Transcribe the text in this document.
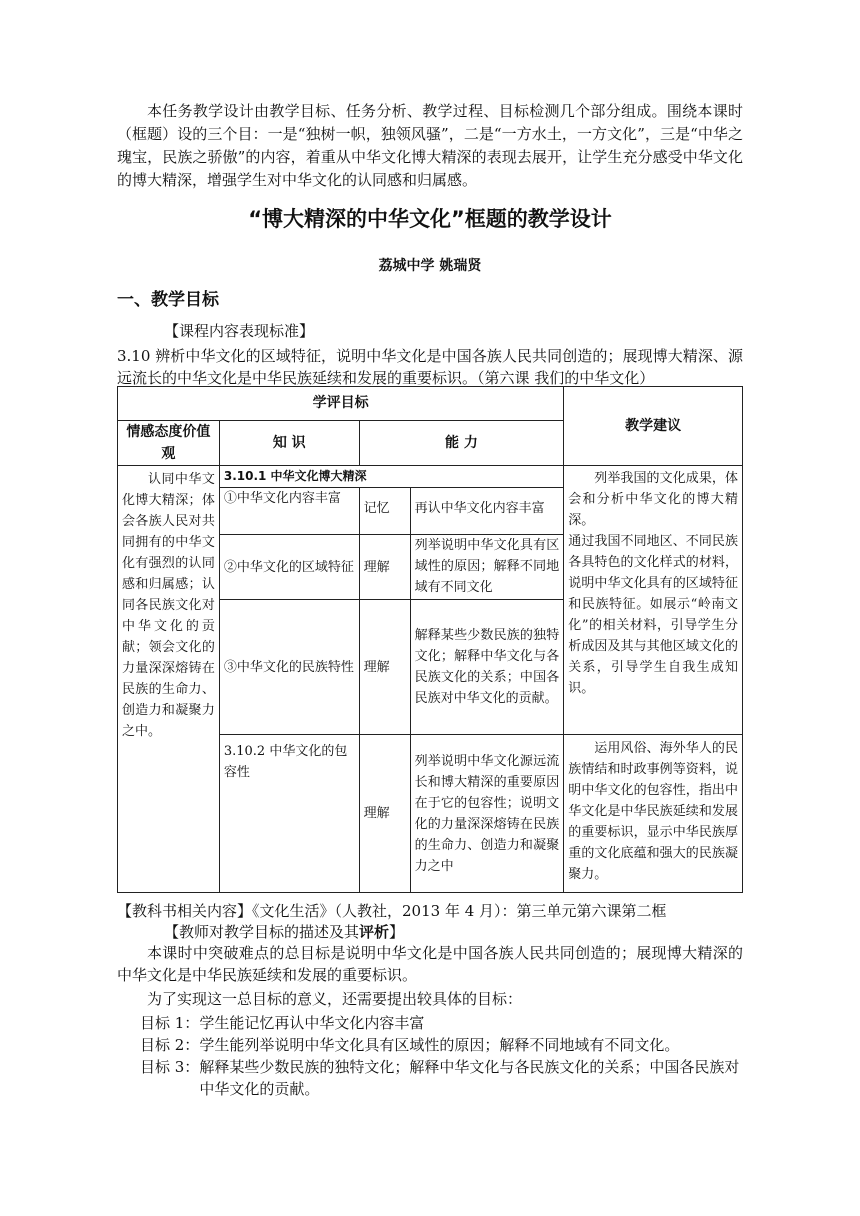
本任务教学设计由教学目标、任务分析、教学过程、目标检测几个部分组成。围绕本课时（框题）设的三个目：一是“独树一帜，独领风骚”，二是“一方水土，一方文化”，三是“中华之瑰宝，民族之骄傲”的内容，着重从中华文化博大精深的表现去展开，让学生充分感受中华文化的博大精深，增强学生对中华文化的认同感和归属感。

“博大精深的中华文化”框题的教学设计
荔城中学 姚瑞贤
一、教学目标
【课程内容表现标准】

3.10 辨析中华文化的区域特征，说明中华文化是中国各族人民共同创造的；展现博大精深、源远流长的中华文化是中华民族延续和发展的重要标识。（第六课 我们的中华文化）

学评目标				教学建议
情感态度价值观	知 识	能 力		
认同中华文化博大精深；体会各族人民对共同拥有的中华文化有强烈的认同感和归属感；认同各民族文化对中华文化的贡献；领会文化的力量深深熔铸在民族的生命力、创造力和凝聚力之中。	3.10.1 中华文化博大精深			列举我国的文化成果，体会和分析中华文化的博大精深。
通过我国不同地区、不同民族各具特色的文化样式的材料，说明中华文化具有的区域特征和民族特征。如展示“岭南文化”的相关材料，引导学生分析成因及其与其他区域文化的关系，引导学生自我生成知识。

	①中华文化内容丰富	记忆	再认中华文化内容丰富	
	②中华文化的区域特征	理解	列举说明中华文化具有区域性的原因；解释不同地域有不同文化	
	③中华文化的民族特性	理解	解释某些少数民族的独特文化；解释中华文化与各民族文化的关系；中国各民族对中华文化的贡献。	
	3.10.2 中华文化的包容性	理解	列举说明中华文化源远流长和博大精深的重要原因在于它的包容性；说明文化的力量深深熔铸在民族的生命力、创造力和凝聚力之中	运用风俗、海外华人的民族情结和时政事例等资料，说明中华文化的包容性，指出中华文化是中华民族延续和发展的重要标识，显示中华民族厚重的文化底蕴和强大的民族凝聚力。
【教科书相关内容】《文化生活》（人教社，2013 年 4 月）：第三单元第六课第二框
【教师对教学目标的描述及其评析】

本课时中突破难点的总目标是说明中华文化是中国各族人民共同创造的；展现博大精深的中华文化是中华民族延续和发展的重要标识。

为了实现这一总目标的意义，还需要提出较具体的目标：

目标 1：学生能记忆再认中华文化内容丰富
目标 2：学生能列举说明中华文化具有区域性的原因；解释不同地域有不同文化。
目标 3： 解释某些少数民族的独特文化；解释中华文化与各民族文化的关系；中国各民族对中华文化的贡献。
